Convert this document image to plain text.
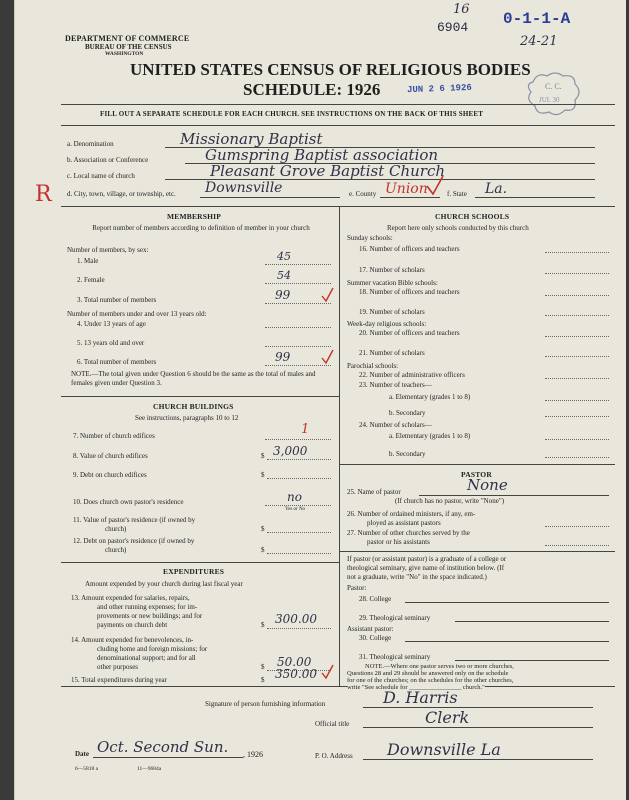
DEPARTMENT OF COMMERCE
BUREAU OF THE CENSUS
WASHINGTON
UNITED STATES CENSUS OF RELIGIOUS BODIES
SCHEDULE: 1926	JUN 2 6 1926
0-1-1-A
16
6904
24-21
C. C.
JUL 30
FILL OUT A SEPARATE SCHEDULE FOR EACH CHURCH. SEE INSTRUCTIONS ON THE BACK OF THIS SHEET
a. Denomination	Missionary Baptist
b. Association or Conference	Gumspring Baptist association
c. Local name of church	Pleasant Grove Baptist Church
R d. City, town, village, or township, etc. Downsville	e. County Union	f. State La.
MEMBERSHIP
Report number of members according to definition of member in your church
Number of members, by sex:
1. Male	45
2. Female	54
3. Total number of members	99
Number of members under and over 13 years old:
4. Under 13 years of age
5. 13 years old and over
6. Total number of members	99
NOTE.—The total given under Question 6 should be the same as the total of males and females given under Question 3.
CHURCH BUILDINGS
See instructions, paragraphs 10 to 12
7. Number of church edifices	1
8. Value of church edifices	$ 3,000
9. Debt on church edifices	$
10. Does church own pastor's residence	no
Yes or No
11. Value of pastor's residence (if owned by
church)	$
12. Debt on pastor's residence (if owned by
church)	$
EXPENDITURES
Amount expended by your church during last fiscal year
13. Amount expended for salaries, repairs,
and other running expenses; for im-
provements or new buildings; and for
payments on church debt	$ 300.00
14. Amount expended for benevolences, in-
cluding home and foreign missions; for
denominational support; and for all
other purposes	$ 50.00
15. Total expenditures during year	$ 350.00
CHURCH SCHOOLS
Report here only schools conducted by this church
Sunday schools:
16. Number of officers and teachers
17. Number of scholars
Summer vacation Bible schools:
18. Number of officers and teachers
19. Number of scholars
Week-day religious schools:
20. Number of officers and teachers
21. Number of scholars
Parochial schools:
22. Number of administrative officers
23. Number of teachers—
a. Elementary (grades 1 to 8)
b. Secondary
24. Number of scholars—
a. Elementary (grades 1 to 8)
b. Secondary
PASTOR
25. Name of pastor	None
(If church has no pastor, write "None")
26. Number of ordained ministers, if any, em-
ployed as assistant pastors
27. Number of other churches served by the
pastor or his assistants
If pastor (or assistant pastor) is a graduate of a college or
theological seminary, give name of institution below. (If
not a graduate, write "No" in the space indicated.)
Pastor:
28. College
29. Theological seminary
Assistant pastor:
30. College
31. Theological seminary
NOTE.—Where one pastor serves two or more churches,
Questions 28 and 29 should be answered only on the schedule
for one of the churches; on the schedules for the other churches,
write "See schedule for ________________ church."
Signature of person furnishing information	D. Harris
Official title	Clerk
Date Oct. Second Sun. , 1926	P. O. Address Downsville La
6—5818 a	11—9684a
